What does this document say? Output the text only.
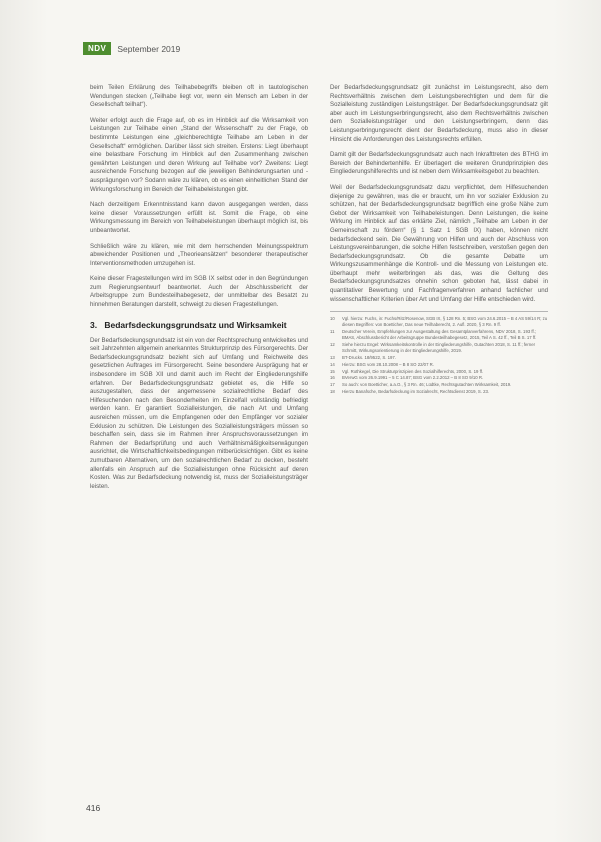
NDV	September 2019

beim Teilen Erklärung des Teilhabebegriffs bleiben oft in tautologischen Wendungen stecken („Teilhabe liegt vor, wenn ein Mensch am Leben in der Gesellschaft teilhat“).

Weiter erfolgt auch die Frage auf, ob es im Hinblick auf die Wirksamkeit von Leistungen zur Teilhabe einen „Stand der Wissenschaft“ zu der Frage, ob bestimmte Leistungen eine „gleichberechtigte Teilhabe am Leben in der Gesellschaft“ ermöglichen. Darüber lässt sich streiten. Erstens: Liegt überhaupt eine belastbare Forschung im Hinblick auf den Zusammenhang zwischen gewährten Leistungen und deren Wirkung auf Teilhabe vor? Zweitens: Liegt ausreichende Forschung bezogen auf die jeweiligen Behinderungsarten und -ausprägungen vor? Sodann wäre zu klären, ob es einen einheitlichen Stand der Wirkungsforschung im Bereich der Teilhabeleistungen gibt.

Nach derzeitigem Erkenntnisstand kann davon ausgegangen werden, dass keine dieser Voraussetzungen erfüllt ist. Somit die Frage, ob eine Wirkungsmessung im Bereich von Teilhabeleistungen überhaupt möglich ist, bis unbeantwortet.

Schließlich wäre zu klären, wie mit dem herrschenden Meinungsspektrum abweichender Positionen und „Theorieansätzen“ besonderer therapeutischer Interventionsmethoden umzugehen ist.

Keine dieser Fragestellungen wird im SGB IX selbst oder in den Begründungen zum Regierungsentwurf beantwortet. Auch der Abschlussbericht der Arbeitsgruppe zum Bundesteilhabegesetz, der unmittelbar des Besatzt zu hinnehmen Beratungen darstellt, schweigt zu diesen Fragestellungen.

3. Bedarfsdeckungsgrundsatz und Wirksamkeit

Der Bedarfsdeckungsgrundsatz ist ein von der Rechtsprechung entwickeltes und seit Jahrzehnten allgemein anerkanntes Strukturprinzip des Fürsorgerechts. Der Bedarfsdeckungsgrundsatz bezieht sich auf Umfang und Reichweite des gesetzlichen Auftrages im Fürsorgerecht. Seine besondere Ausprägung hat er insbesondere im SGB XII und damit auch im Recht der Eingliederungshilfe erfahren. Der Bedarfsdeckungsgrundsatz gebietet es, die Hilfe so auszugestalten, dass der angemessene sozialrechtliche Bedarf des Hilfesuchenden nach den Besonderheiten im Einzelfall vollständig befriedigt werden kann. Er garantiert Sozialleistungen, die nach Art und Umfang ausreichen müssen, um die Empfangenen oder den Empfänger vor sozialer Exklusion zu schützen. Die Leistungen des Sozialleistungsträgers müssen so beschaffen sein, dass sie im Rahmen ihrer Anspruchsvoraussetzungen im Rahmen der Bedarfsprüfung und auch Verhältnismäßigkeitserwägungen ausrichtet, die Wirtschaftlichkeitsbedingungen mitberücksichtigen. Gibt es keine zumutbaren Alternativen, um den sozialrechtlichen Bedarf zu decken, besteht allenfalls ein Anspruch auf die Sozialleistungen ohne Rücksicht auf deren Kosten. Was zur Bedarfsdeckung notwendig ist, muss der Sozialleistungsträger leisten.

Der Bedarfsdeckungsgrundsatz gilt zunächst im Leistungsrecht, also dem Rechtsverhältnis zwischen dem Leistungsberechtigten und dem für die Sozialleistung zuständigen Leistungsträger. Der Bedarfsdeckungsgrundsatz gilt aber auch im Leistungserbringungsrecht, also dem Rechtsverhältnis zwischen dem Sozialleistungsträger und den Leistungserbringern, denn das Leistungserbringungsrecht dient der Bedarfsdeckung, muss also in dieser Hinsicht die Anforderungen des Leistungsrechts erfüllen.

Damit gilt der Bedarfsdeckungsgrundsatz auch nach Inkrafttreten des BTHG im Bereich der Behindertenhilfe. Er überlagert die weiteren Grundprinzipien des Eingliederungshilferechts und ist neben dem Wirksamkeitsgebot zu beachten.

Weil der Bedarfsdeckungsgrundsatz dazu verpflichtet, dem Hilfesuchenden diejenige zu gewähren, was die er braucht, um ihn vor sozialer Exklusion zu schützen, hat der Bedarfsdeckungsgrundsatz begrifflich eine große Nähe zum Gebot der Wirksamkeit von Teilhabeleistungen. Denn Leistungen, die keine Wirkung im Hinblick auf das erklärte Ziel, nämlich „Teilhabe am Leben in der Gemeinschaft zu fördern“ (§ 1 Satz 1 SGB IX) haben, können nicht bedarfsdeckend sein. Die Gewährung von Hilfen und auch der Abschluss von Leistungsvereinbarungen, die solche Hilfen festschreiben, verstoßen gegen den Bedarfsdeckungsgrundsatz. Ob die gesamte Debatte um Wirkungszusammenhänge die Kontroll- und die Messung von Leistungen etc. überhaupt mehr weiterbringen als das, was die Geltung des Bedarfsdeckungsgrundsatzes ohnehin schon geboten hat, lässt dabei in quantitativer Bewertung und Fachfragenverfahren anhand fachlicher und wissenschaftlicher Kriterien über Art und Umfang der Hilfe entschieden wird.

10	Vgl. hierzu: Fuchs, in: Fuchs/Ritz/Rosenow, SGB IX, § 128 Rn. 5; BSG vom 24.6.2015 – B 4 AS 59/14 R; zu diesen Begriffen: von Boetticher, Das neue Teilhaberecht, 2. Aufl. 2020, § 3 Rn. 9 ff.
11	Deutscher Verein, Empfehlungen zur Ausgestaltung des Gesamtplanverfahrens, NDV 2018, S. 193 ff.; BMAS, Abschlussbericht der Arbeitsgruppe Bundesteilhabegesetz, 2015, Teil A S. 42 ff., Teil B S. 17 ff.
12	Siehe hierzu Engel: Wirksamkeitskontrolle in der Eingliederungshilfe, Gutachten 2018, S. 11 ff.; ferner Schmitt, Wirkungsorientierung in der Eingliederungshilfe, 2019.
13	BT-Drucks. 18/9522, S. 197.
14	Hierzu: BSG vom 28.10.2008 – B 8 SO 22/07 R.
15	Vgl. Rothkegel, Die Strukturprinzipien des Sozialhilferechts, 2000, S. 19 ff.
16	BVerwG vom 26.9.1991 – 5 C 14.87; BSG vom 2.2.2012 – B 8 SO 9/10 R.
17	So auch: von Boetticher, a.a.O., § 3 Rn. 46; Lüdtke, Rechtsgutachten Wirksamkeit, 2019.
18	Hierzu Banafsche, Bedarfsdeckung im Sozialrecht, Rechtsdienst 2019, S. 23.
416
